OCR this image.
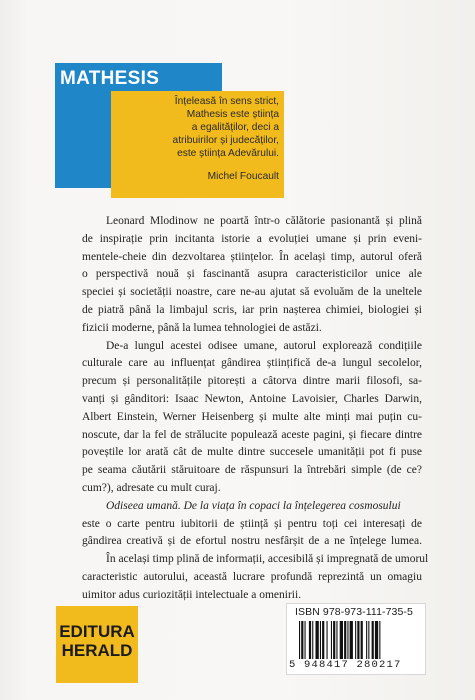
MATHESIS
Înțeleasă în sens strict,
Mathesis este știința
a egalităților, deci a
atribuirilor și judecăților,
este știința Adevărului.
Michel Foucault
Leonard Mlodinow ne poartă într-o călătorie pasionantă și plină
de inspirație prin incitanta istorie a evoluției umane și prin eveni-
mentele-cheie din dezvoltarea științelor. În același timp, autorul oferă
o perspectivă nouă și fascinantă asupra caracteristicilor unice ale
speciei și societății noastre, care ne-au ajutat să evoluăm de la uneltele
de piatră până la limbajul scris, iar prin nașterea chimiei, biologiei și
fizicii moderne, până la lumea tehnologiei de astăzi.
De-a lungul acestei odisee umane, autorul explorează condițiile
culturale care au influențat gândirea științifică de-a lungul secolelor,
precum și personalitățile pitorești a câtorva dintre marii filosofi, sa-
vanți și gânditori: Isaac Newton, Antoine Lavoisier, Charles Darwin,
Albert Einstein, Werner Heisenberg și multe alte minți mai puțin cu-
noscute, dar la fel de strălucite populează aceste pagini, și fiecare dintre
poveștile lor arată cât de multe dintre succesele umanității pot fi puse
pe seama căutării stăruitoare de răspunsuri la întrebări simple (de ce?
cum?), adresate cu mult curaj.
Odiseea umană. De la viața în copaci la înțelegerea cosmosului
este o carte pentru iubitorii de știință și pentru toți cei interesați de
gândirea creativă și de efortul nostru nesfârșit de a ne înțelege lumea.
În același timp plină de informații, accesibilă și impregnată de umorul
caracteristic autorului, această lucrare profundă reprezintă un omagiu
uimitor adus curiozității intelectuale a omenirii.
ISBN 978-973-111-735-5
5 948417 280217
EDITURA
HERALD
